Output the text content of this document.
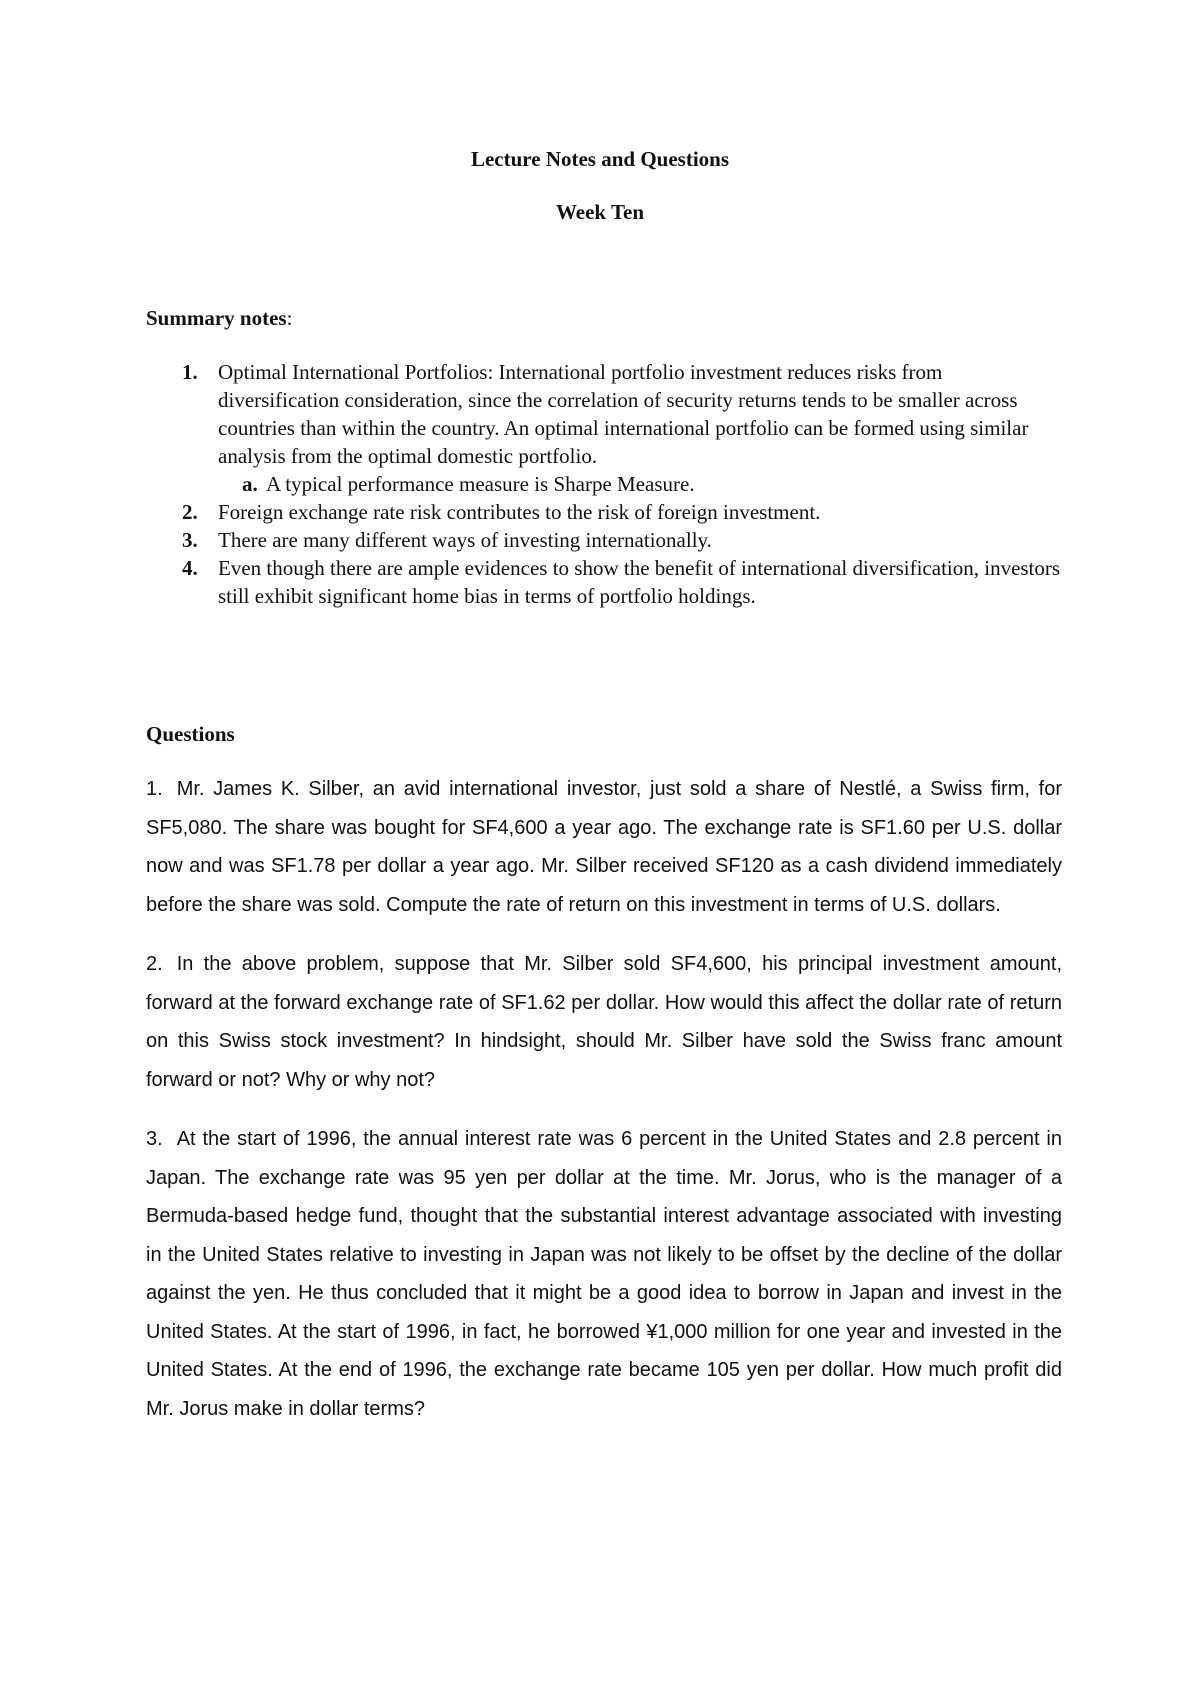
Lecture Notes and Questions
Week Ten
Summary notes:
1. Optimal International Portfolios: International portfolio investment reduces risks from diversification consideration, since the correlation of security returns tends to be smaller across countries than within the country. An optimal international portfolio can be formed using similar analysis from the optimal domestic portfolio.
a. A typical performance measure is Sharpe Measure.
2. Foreign exchange rate risk contributes to the risk of foreign investment.
3. There are many different ways of investing internationally.
4. Even though there are ample evidences to show the benefit of international diversification, investors still exhibit significant home bias in terms of portfolio holdings.
Questions

1. Mr. James K. Silber, an avid international investor, just sold a share of Nestlé, a Swiss firm, for SF5,080. The share was bought for SF4,600 a year ago. The exchange rate is SF1.60 per U.S. dollar now and was SF1.78 per dollar a year ago. Mr. Silber received SF120 as a cash dividend immediately before the share was sold. Compute the rate of return on this investment in terms of U.S. dollars.

2. In the above problem, suppose that Mr. Silber sold SF4,600, his principal investment amount, forward at the forward exchange rate of SF1.62 per dollar. How would this affect the dollar rate of return on this Swiss stock investment? In hindsight, should Mr. Silber have sold the Swiss franc amount forward or not? Why or why not?

3. At the start of 1996, the annual interest rate was 6 percent in the United States and 2.8 percent in Japan. The exchange rate was 95 yen per dollar at the time. Mr. Jorus, who is the manager of a Bermuda-based hedge fund, thought that the substantial interest advantage associated with investing in the United States relative to investing in Japan was not likely to be offset by the decline of the dollar against the yen. He thus concluded that it might be a good idea to borrow in Japan and invest in the United States. At the start of 1996, in fact, he borrowed ¥1,000 million for one year and invested in the United States. At the end of 1996, the exchange rate became 105 yen per dollar. How much profit did Mr. Jorus make in dollar terms?
